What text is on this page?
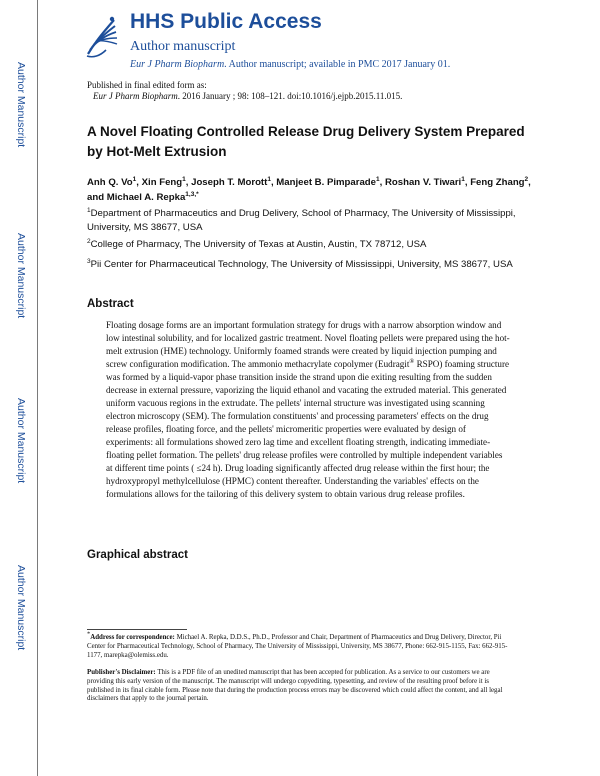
Author Manuscript
Author Manuscript
Author Manuscript
Author Manuscript
HHS Public Access
Author manuscript
Eur J Pharm Biopharm. Author manuscript; available in PMC 2017 January 01.
Published in final edited form as:
Eur J Pharm Biopharm. 2016 January ; 98: 108–121. doi:10.1016/j.ejpb.2015.11.015.
A Novel Floating Controlled Release Drug Delivery System Prepared by Hot-Melt Extrusion
Anh Q. Vo$^1$, Xin Feng$^1$, Joseph T. Morott$^1$, Manjeet B. Pimparade$^1$, Roshan V. Tiwari$^1$, Feng Zhang$^2$, and Michael A. Repka$^{1,3,*}$
$^1$Department of Pharmaceutics and Drug Delivery, School of Pharmacy, The University of Mississippi, University, MS 38677, USA
$^2$College of Pharmacy, The University of Texas at Austin, Austin, TX 78712, USA
$^3$Pii Center for Pharmaceutical Technology, The University of Mississippi, University, MS 38677, USA
Abstract
Floating dosage forms are an important formulation strategy for drugs with a narrow absorption window and low intestinal solubility, and for localized gastric treatment. Novel floating pellets were prepared using the hot-melt extrusion (HME) technology. Uniformly foamed strands were created by liquid injection pumping and screw configuration modification. The ammonio methacrylate copolymer (Eudragit® RSPO) foaming structure was formed by a liquid-vapor phase transition inside the strand upon die exiting resulting from the sudden decrease in external pressure, vaporizing the liquid ethanol and vacating the extruded material. This generated uniform vacuous regions in the extrudate. The pellets' internal structure was investigated using scanning electron microscopy (SEM). The formulation constituents' and processing parameters' effects on the drug release profiles, floating force, and the pellets' micromeritic properties were evaluated by design of experiments: all formulations showed zero lag time and excellent floating strength, indicating immediate-floating pellet formation. The pellets' drug release profiles were controlled by multiple independent variables at different time points ( ≤24 h). Drug loading significantly affected drug release within the first hour; the hydroxypropyl methylcellulose (HPMC) content thereafter. Understanding the variables' effects on the formulations allows for the tailoring of this delivery system to obtain various drug release profiles.
Graphical abstract
*Address for correspondence: Michael A. Repka, D.D.S., Ph.D., Professor and Chair, Department of Pharmaceutics and Drug Delivery, Director, Pii Center for Pharmaceutical Technology, School of Pharmacy, The University of Mississippi, University, MS 38677, Phone: 662-915-1155, Fax: 662-915-1177, marepka@olemiss.edu.
Publisher's Disclaimer: This is a PDF file of an unedited manuscript that has been accepted for publication. As a service to our customers we are providing this early version of the manuscript. The manuscript will undergo copyediting, typesetting, and review of the resulting proof before it is published in its final citable form. Please note that during the production process errors may be discovered which could affect the content, and all legal disclaimers that apply to the journal pertain.
